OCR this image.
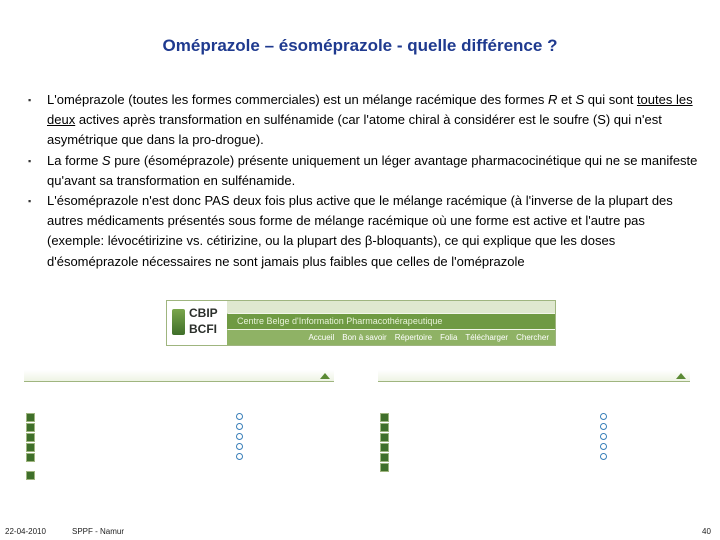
Oméprazole – ésoméprazole - quelle différence ?
▪ L'oméprazole (toutes les formes commerciales) est un mélange racémique des formes R et S qui sont toutes les deux actives après transformation en sulfénamide (car l'atome chiral à considérer est le soufre (S) qui n'est asymétrique que dans la pro-drogue).
▪ La forme S pure (ésoméprazole) présente uniquement un léger avantage pharmacocinétique qui ne se manifeste qu'avant sa transformation en sulfénamide.
▪ L'ésoméprazole n'est donc PAS deux fois plus active que le mélange racémique (à l'inverse de la plupart des autres médicaments présentés sous forme de mélange racémique où une forme est active et l'autre pas (exemple: lévocétirizine vs. cétirizine, ou la plupart des β-bloquants), ce qui explique que les doses d'ésoméprazole nécessaires ne sont jamais plus faibles que celles de l'oméprazole
CBIP
BCFI
Centre Belge d'Information Pharmacothérapeutique
Accueil Bon à savoir Répertoire Folia Télécharger Chercher
22-04-2010	SPPF - Namur	40
